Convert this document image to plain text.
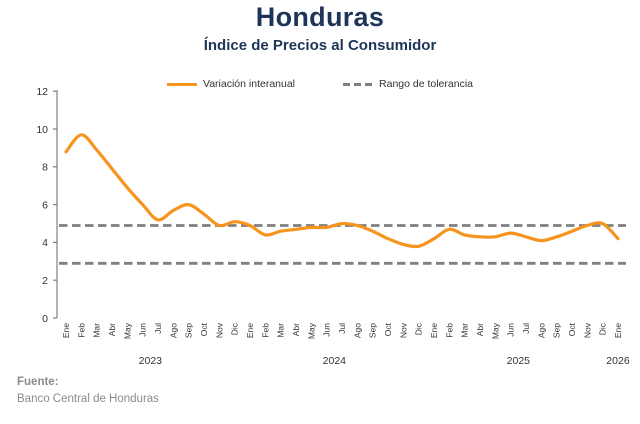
Honduras
Índice de Precios al Consumidor
Variación interanual	Rango de tolerancia
0
2
4
6
8
10
12
Ene Feb Mar Abr May Jun Jul Ago Sep Oct Nov Dic Ene Feb Mar Abr May Jun Jul Ago Sep Oct Nov Dic Ene Feb Mar Abr May Jun Jul Ago Sep Oct Nov Dic Ene
2023	2024	2025	2026
Fuente:
Banco Central de Honduras
